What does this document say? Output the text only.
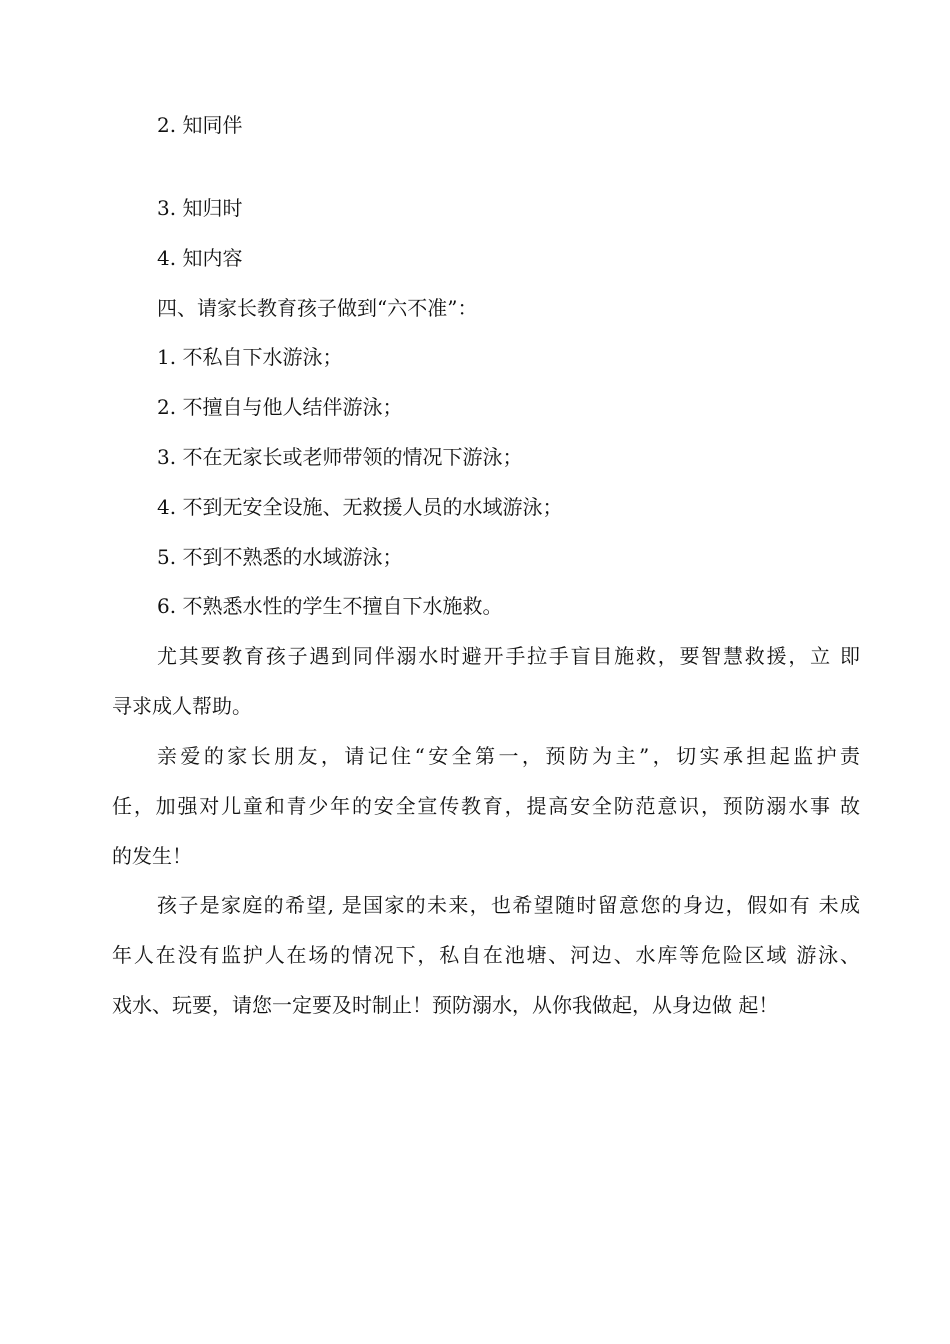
2. 知同伴

3. 知归时

4. 知内容

四、请家长教育孩子做到“六不准”：

1. 不私自下水游泳；

2. 不擅自与他人结伴游泳；

3. 不在无家长或老师带领的情况下游泳；

4. 不到无安全设施、无救援人员的水域游泳；

5. 不到不熟悉的水域游泳；

6. 不熟悉水性的学生不擅自下水施救。

尤其要教育孩子遇到同伴溺水时避开手拉手盲目施救，要智慧救援，立 即

寻求成人帮助。

亲爱的家长朋友，请记住“安全第一，预防为主”，切实承担起监护责

任，加强对儿童和青少年的安全宣传教育，提高安全防范意识，预防溺水事 故

的发生！

孩子是家庭的希望, 是国家的未来，也希望随时留意您的身边，假如有 未成

年人在没有监护人在场的情况下，私自在池塘、河边、水库等危险区域 游泳、

戏水、玩要，请您一定要及时制止！预防溺水，从你我做起，从身边做 起！
